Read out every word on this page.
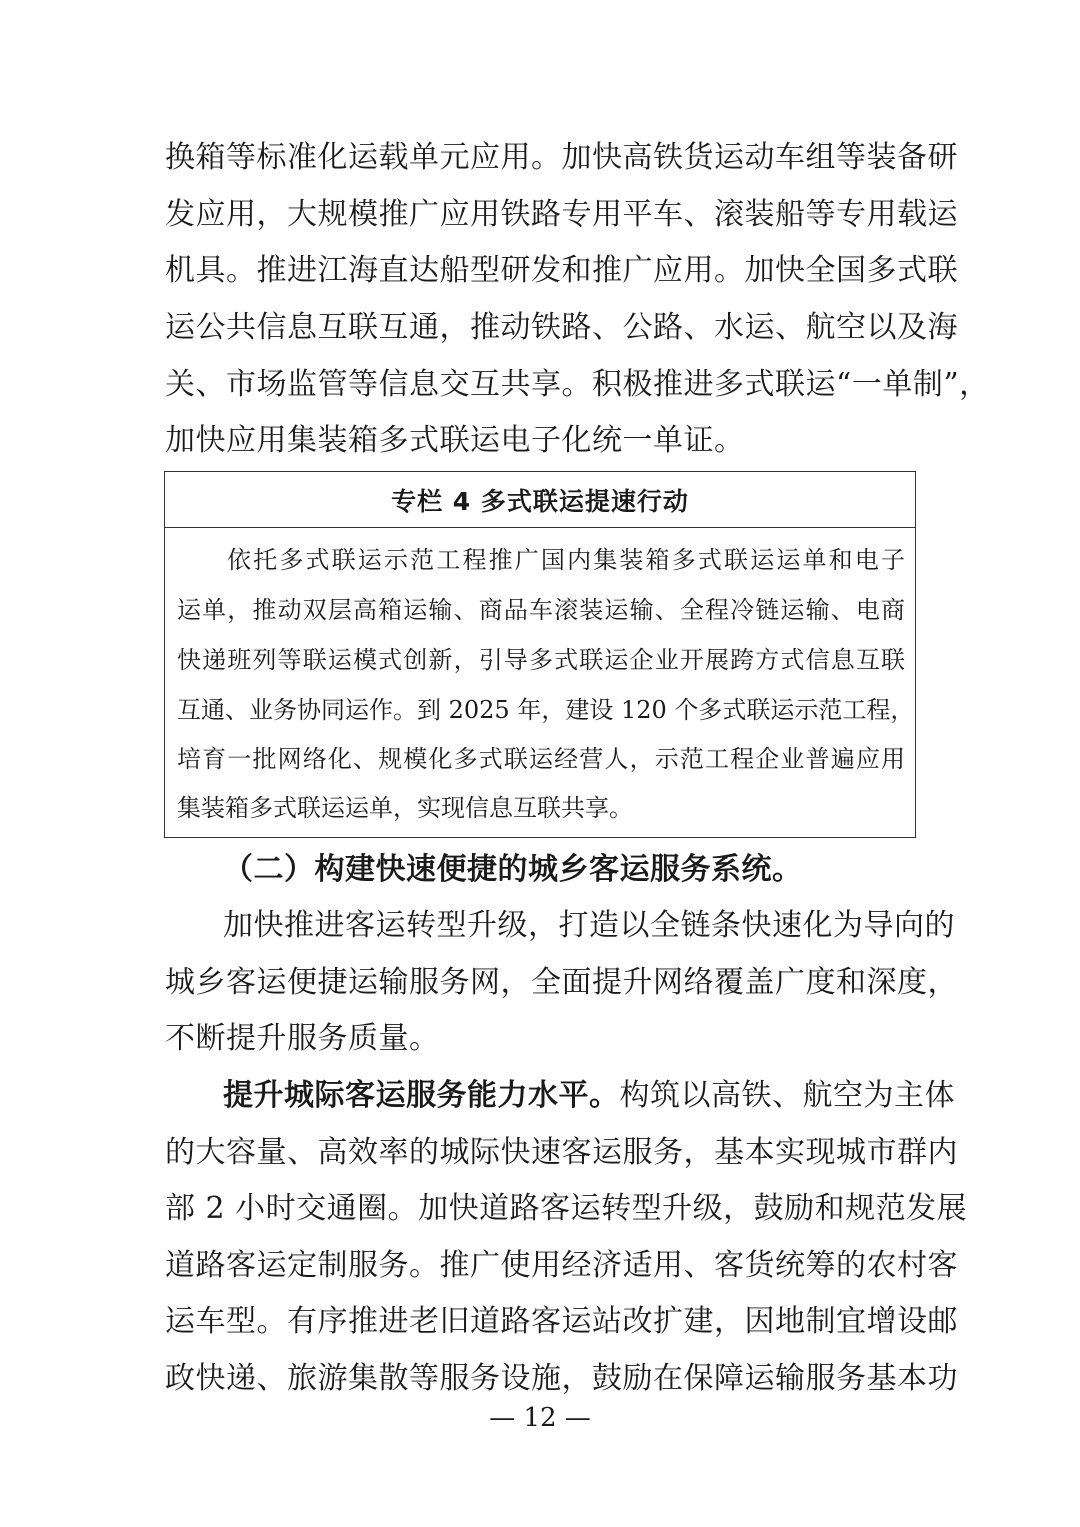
换箱等标准化运载单元应用。加快高铁货运动车组等装备研
发应用，大规模推广应用铁路专用平车、滚装船等专用载运
机具。推进江海直达船型研发和推广应用。加快全国多式联
运公共信息互联互通，推动铁路、公路、水运、航空以及海
关、市场监管等信息交互共享。积极推进多式联运“一单制”，
加快应用集装箱多式联运电子化统一单证。
专栏 4 多式联运提速行动
依托多式联运示范工程推广国内集装箱多式联运运单和电子
运单，推动双层高箱运输、商品车滚装运输、全程冷链运输、电商
快递班列等联运模式创新，引导多式联运企业开展跨方式信息互联
互通、业务协同运作。到 2025 年，建设 120 个多式联运示范工程，
培育一批网络化、规模化多式联运经营人，示范工程企业普遍应用
集装箱多式联运运单，实现信息互联共享。
（二）构建快速便捷的城乡客运服务系统。
加快推进客运转型升级，打造以全链条快速化为导向的
城乡客运便捷运输服务网，全面提升网络覆盖广度和深度，
不断提升服务质量。
提升城际客运服务能力水平。构筑以高铁、航空为主体
的大容量、高效率的城际快速客运服务，基本实现城市群内
部 2 小时交通圈。加快道路客运转型升级，鼓励和规范发展
道路客运定制服务。推广使用经济适用、客货统筹的农村客
运车型。有序推进老旧道路客运站改扩建，因地制宜增设邮
政快递、旅游集散等服务设施，鼓励在保障运输服务基本功
— 12 —
